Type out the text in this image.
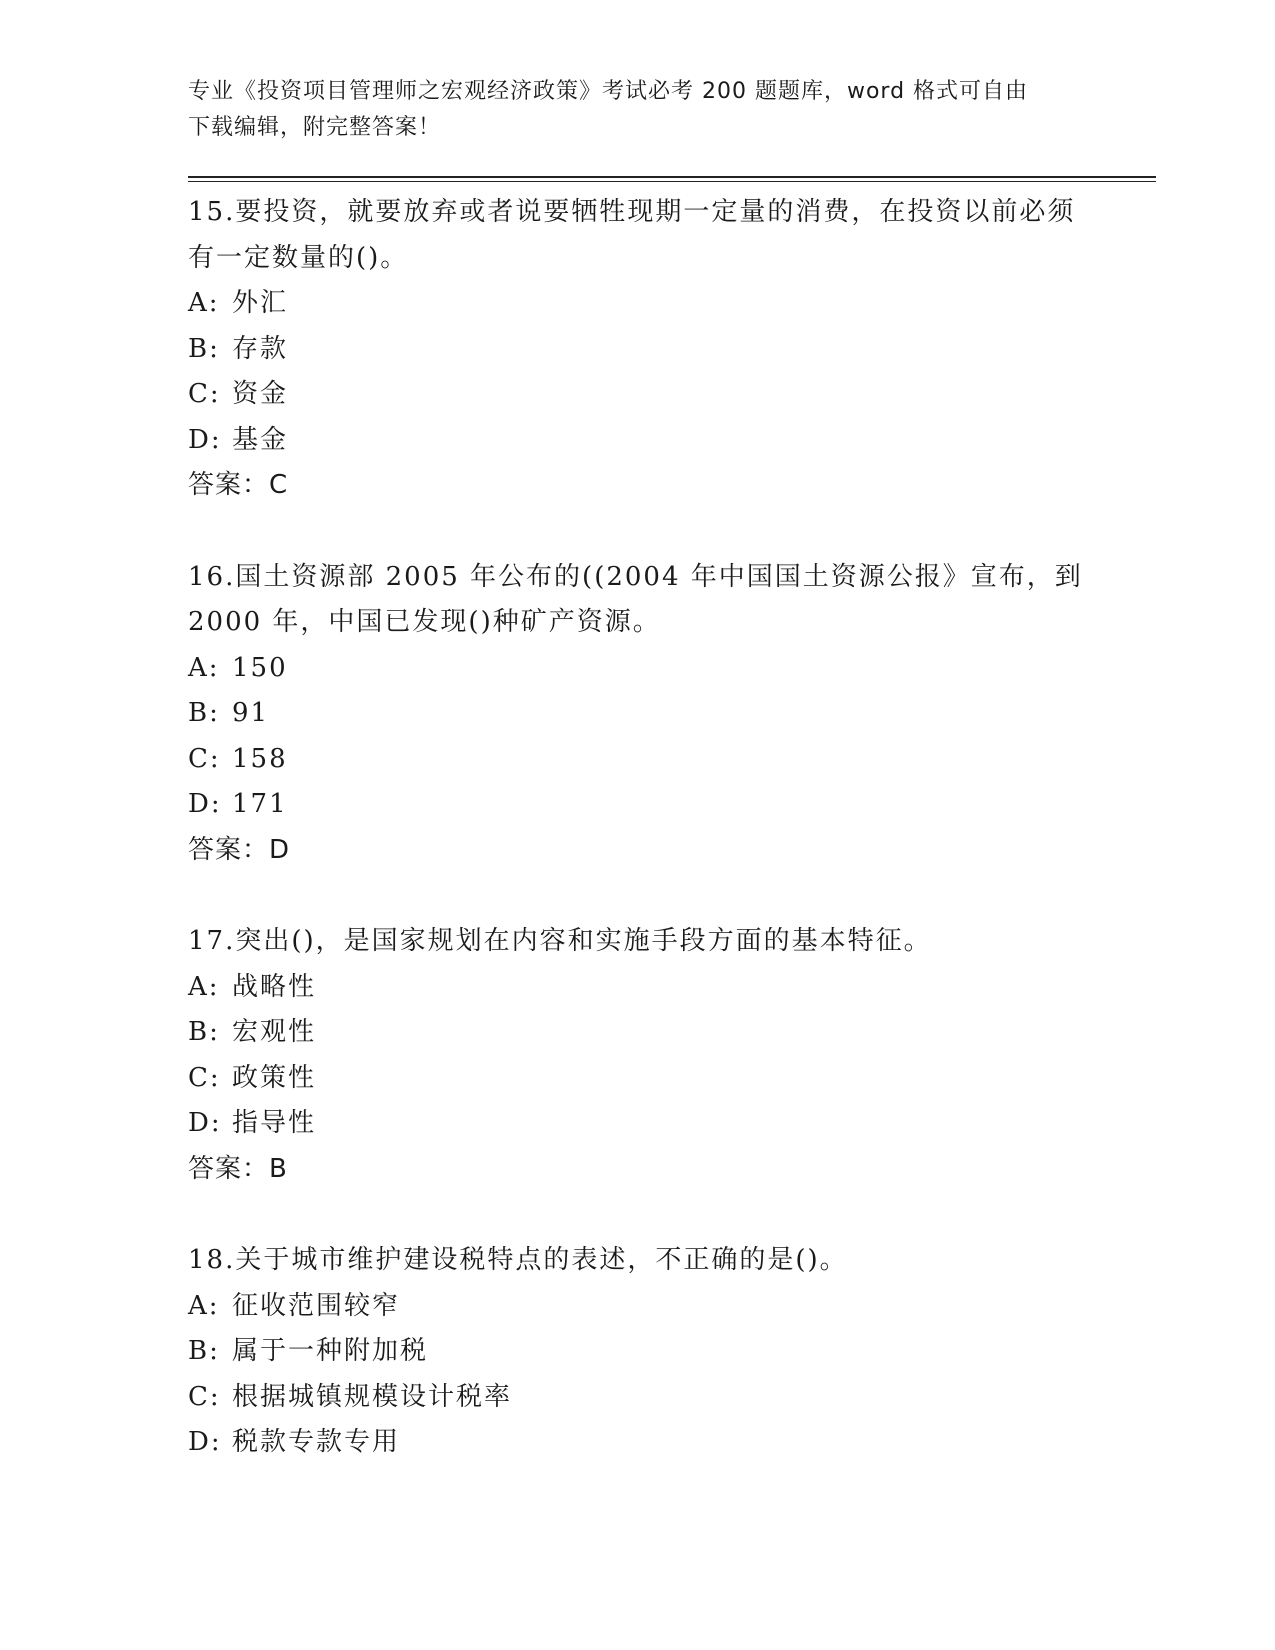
专业《投资项目管理师之宏观经济政策》考试必考 200 题题库，word 格式可自由
下载编辑，附完整答案！

15.要投资，就要放弃或者说要牺牲现期一定量的消费，在投资以前必须有一定数量的()。

A: 外汇
B: 存款
C: 资金
D: 基金
答案：C

16.国土资源部 2005 年公布的((2004 年中国国土资源公报》宣布，到 2000 年，中国已发现()种矿产资源。

A: 150
B: 91
C: 158
D: 171
答案：D

17.突出()，是国家规划在内容和实施手段方面的基本特征。

A: 战略性
B: 宏观性
C: 政策性
D: 指导性
答案：B

18.关于城市维护建设税特点的表述，不正确的是()。

A: 征收范围较窄
B: 属于一种附加税
C: 根据城镇规模设计税率
D: 税款专款专用
